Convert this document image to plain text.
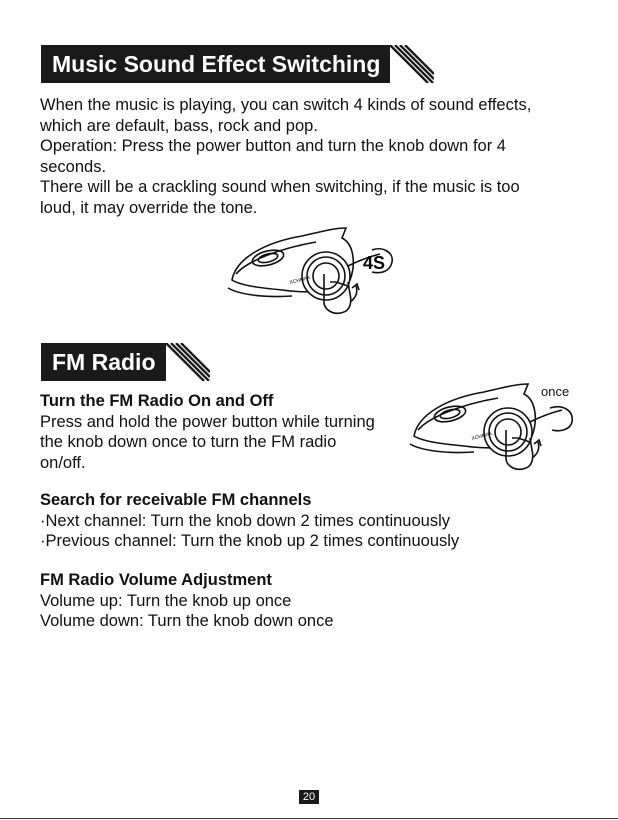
Music Sound Effect Switching
When the music is playing, you can switch 4 kinds of sound effects,
which are default, bass, rock and pop.
Operation: Press the power button and turn the knob down for 4
seconds.
There will be a crackling sound when switching, if the music is too
loud, it may override the tone.
4S
XCHMAK
FM Radio
Turn the FM Radio On and Off
Press and hold the power button while turning
the knob down once to turn the FM radio
on/off.
once
XCHMAK
Search for receivable FM channels
·Next channel: Turn the knob down 2 times continuously
·Previous channel: Turn the knob up 2 times continuously
FM Radio Volume Adjustment
Volume up: Turn the knob up once
Volume down: Turn the knob down once
20
